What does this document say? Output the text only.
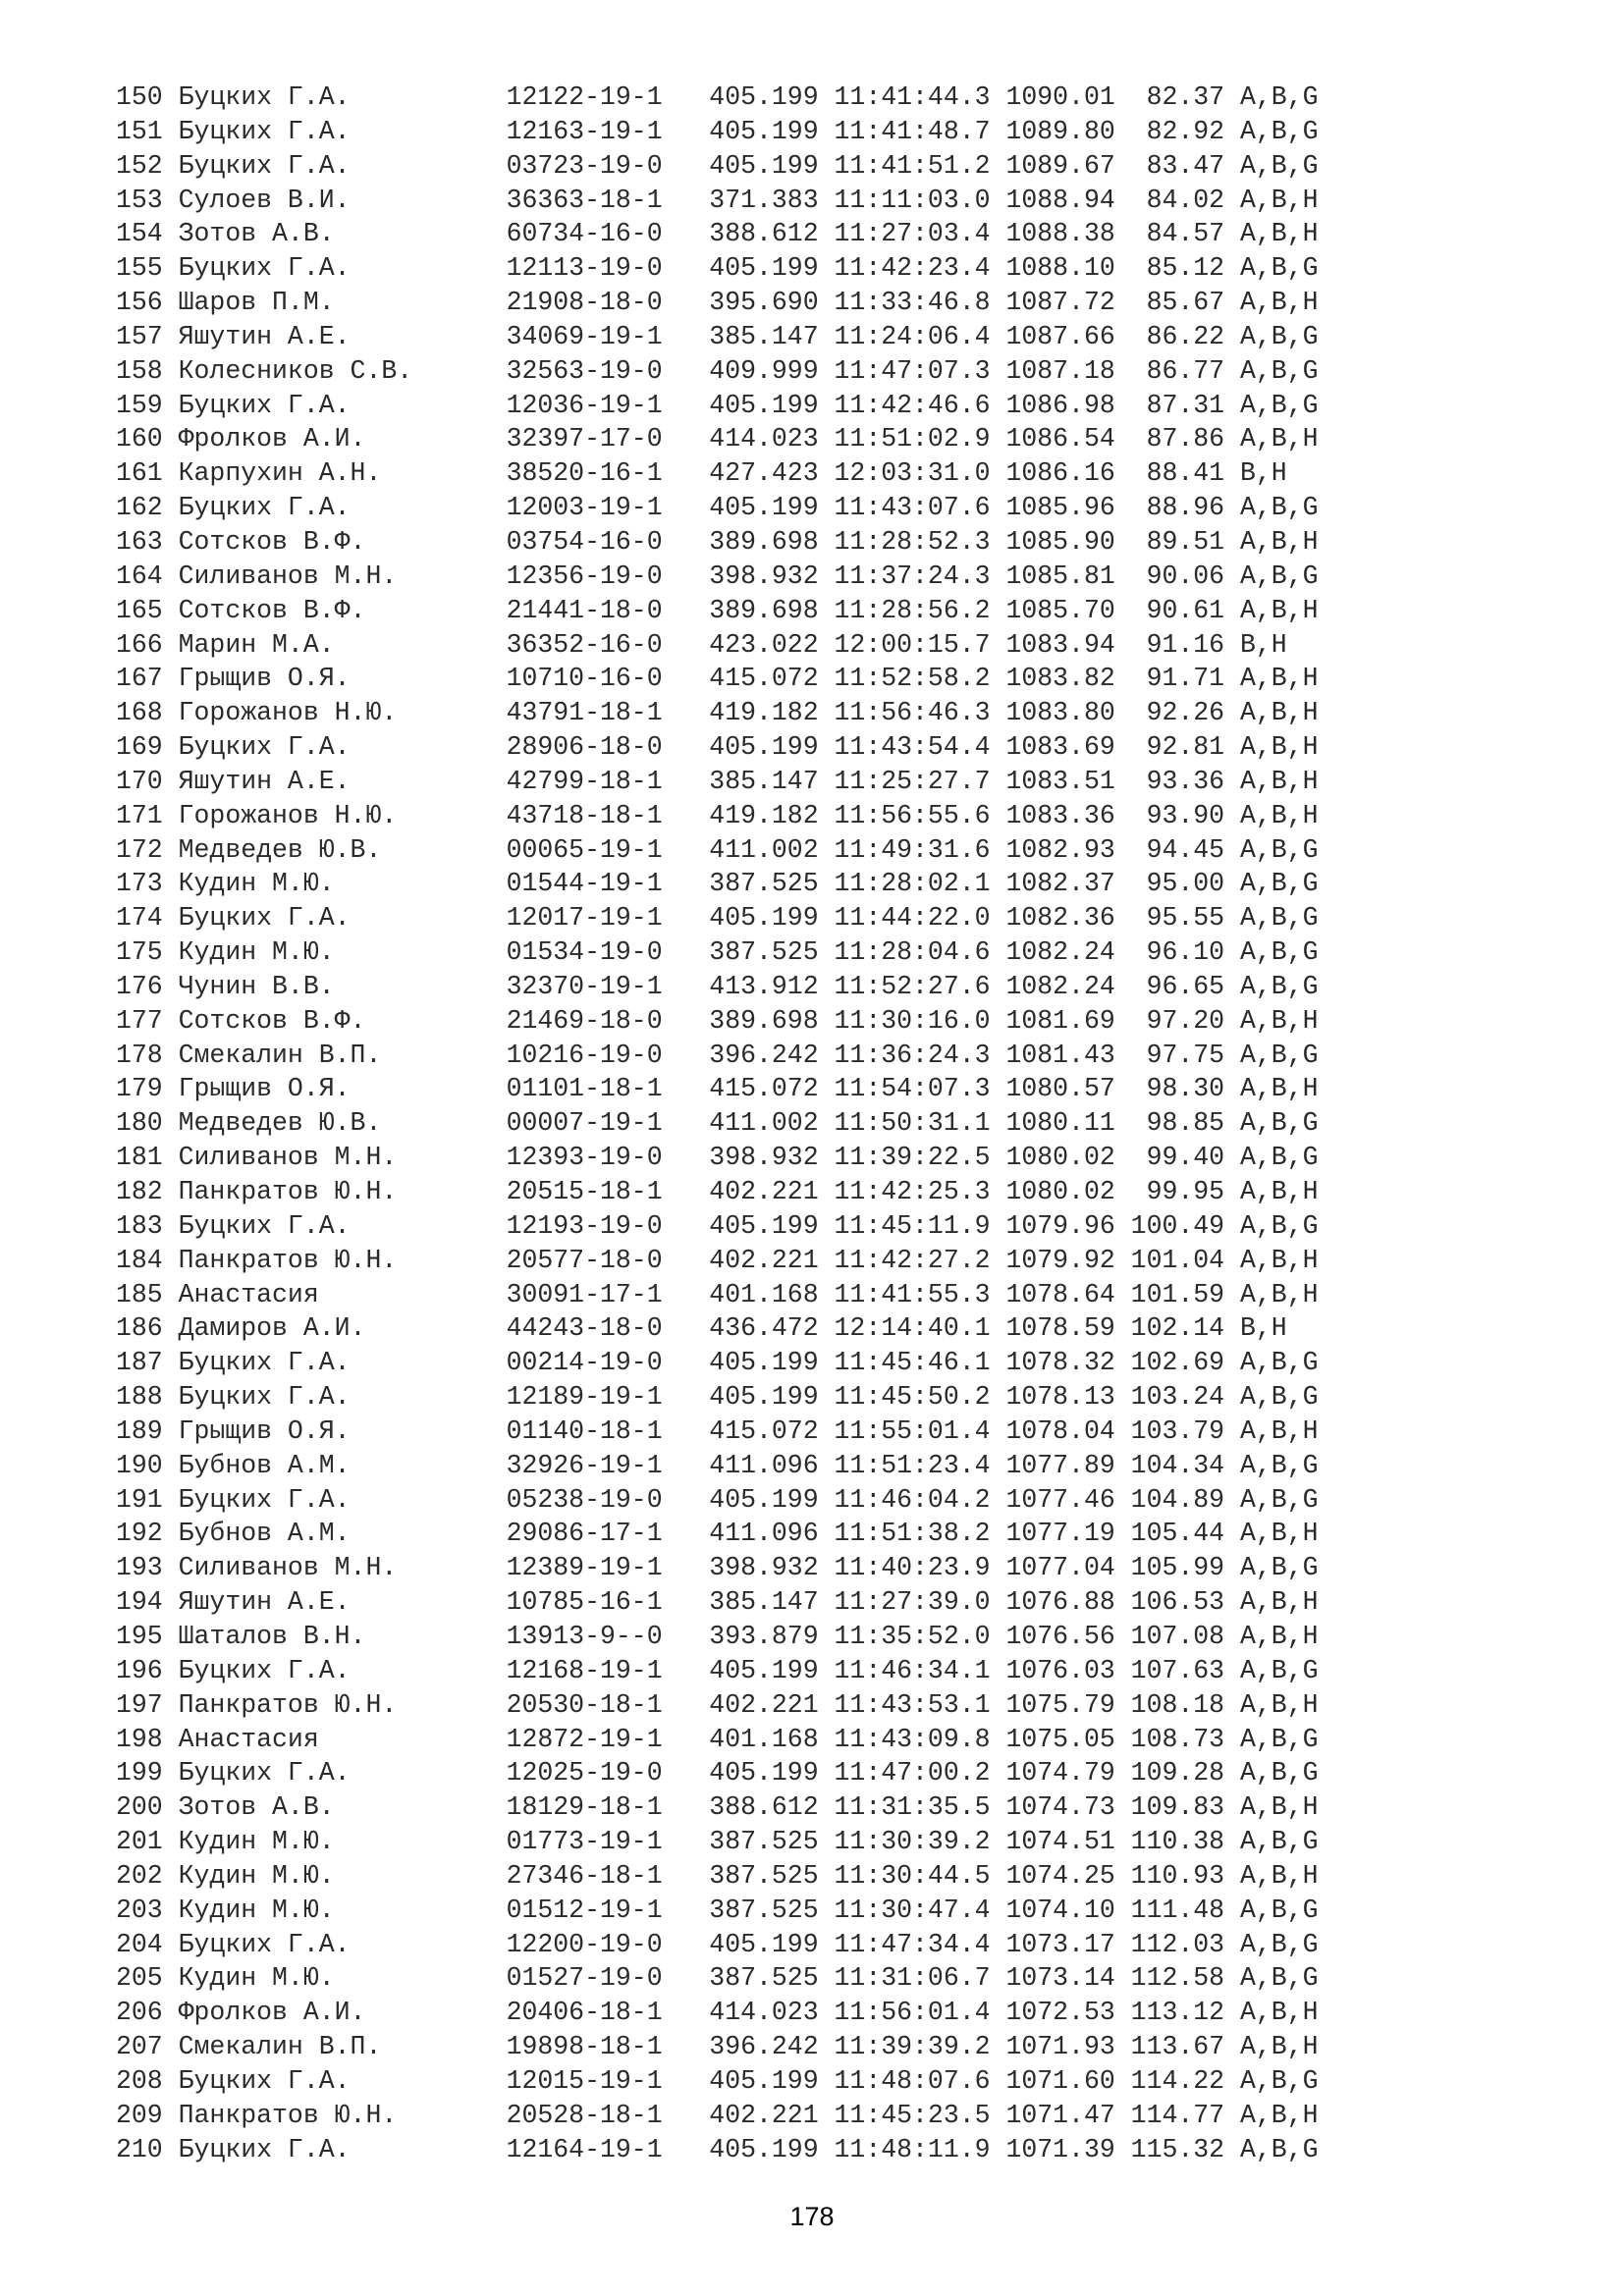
150 Буцких Г.А.          12122-19-1   405.199 11:41:44.3 1090.01  82.37 A,B,G
151 Буцких Г.А.          12163-19-1   405.199 11:41:48.7 1089.80  82.92 A,B,G
152 Буцких Г.А.          03723-19-0   405.199 11:41:51.2 1089.67  83.47 A,B,G
153 Сулоев В.И.          36363-18-1   371.383 11:11:03.0 1088.94  84.02 A,B,H
154 Зотов А.В.           60734-16-0   388.612 11:27:03.4 1088.38  84.57 A,B,H
155 Буцких Г.А.          12113-19-0   405.199 11:42:23.4 1088.10  85.12 A,B,G
156 Шаров П.М.           21908-18-0   395.690 11:33:46.8 1087.72  85.67 A,B,H
157 Яшутин А.Е.          34069-19-1   385.147 11:24:06.4 1087.66  86.22 A,B,G
158 Колесников С.В.      32563-19-0   409.999 11:47:07.3 1087.18  86.77 A,B,G
159 Буцких Г.А.          12036-19-1   405.199 11:42:46.6 1086.98  87.31 A,B,G
160 Фролков А.И.         32397-17-0   414.023 11:51:02.9 1086.54  87.86 A,B,H
161 Карпухин А.Н.        38520-16-1   427.423 12:03:31.0 1086.16  88.41 B,H
162 Буцких Г.А.          12003-19-1   405.199 11:43:07.6 1085.96  88.96 A,B,G
163 Сотсков В.Ф.         03754-16-0   389.698 11:28:52.3 1085.90  89.51 A,B,H
164 Силиванов М.Н.       12356-19-0   398.932 11:37:24.3 1085.81  90.06 A,B,G
165 Сотсков В.Ф.         21441-18-0   389.698 11:28:56.2 1085.70  90.61 A,B,H
166 Марин М.А.           36352-16-0   423.022 12:00:15.7 1083.94  91.16 B,H
167 Грыщив О.Я.          10710-16-0   415.072 11:52:58.2 1083.82  91.71 A,B,H
168 Горожанов Н.Ю.       43791-18-1   419.182 11:56:46.3 1083.80  92.26 A,B,H
169 Буцких Г.А.          28906-18-0   405.199 11:43:54.4 1083.69  92.81 A,B,H
170 Яшутин А.Е.          42799-18-1   385.147 11:25:27.7 1083.51  93.36 A,B,H
171 Горожанов Н.Ю.       43718-18-1   419.182 11:56:55.6 1083.36  93.90 A,B,H
172 Медведев Ю.В.        00065-19-1   411.002 11:49:31.6 1082.93  94.45 A,B,G
173 Кудин М.Ю.           01544-19-1   387.525 11:28:02.1 1082.37  95.00 A,B,G
174 Буцких Г.А.          12017-19-1   405.199 11:44:22.0 1082.36  95.55 A,B,G
175 Кудин М.Ю.           01534-19-0   387.525 11:28:04.6 1082.24  96.10 A,B,G
176 Чунин В.В.           32370-19-1   413.912 11:52:27.6 1082.24  96.65 A,B,G
177 Сотсков В.Ф.         21469-18-0   389.698 11:30:16.0 1081.69  97.20 A,B,H
178 Смекалин В.П.        10216-19-0   396.242 11:36:24.3 1081.43  97.75 A,B,G
179 Грыщив О.Я.          01101-18-1   415.072 11:54:07.3 1080.57  98.30 A,B,H
180 Медведев Ю.В.        00007-19-1   411.002 11:50:31.1 1080.11  98.85 A,B,G
181 Силиванов М.Н.       12393-19-0   398.932 11:39:22.5 1080.02  99.40 A,B,G
182 Панкратов Ю.Н.       20515-18-1   402.221 11:42:25.3 1080.02  99.95 A,B,H
183 Буцких Г.А.          12193-19-0   405.199 11:45:11.9 1079.96 100.49 A,B,G
184 Панкратов Ю.Н.       20577-18-0   402.221 11:42:27.2 1079.92 101.04 A,B,H
185 Анастасия            30091-17-1   401.168 11:41:55.3 1078.64 101.59 A,B,H
186 Дамиров А.И.         44243-18-0   436.472 12:14:40.1 1078.59 102.14 B,H
187 Буцких Г.А.          00214-19-0   405.199 11:45:46.1 1078.32 102.69 A,B,G
188 Буцких Г.А.          12189-19-1   405.199 11:45:50.2 1078.13 103.24 A,B,G
189 Грыщив О.Я.          01140-18-1   415.072 11:55:01.4 1078.04 103.79 A,B,H
190 Бубнов А.М.          32926-19-1   411.096 11:51:23.4 1077.89 104.34 A,B,G
191 Буцких Г.А.          05238-19-0   405.199 11:46:04.2 1077.46 104.89 A,B,G
192 Бубнов А.М.          29086-17-1   411.096 11:51:38.2 1077.19 105.44 A,B,H
193 Силиванов М.Н.       12389-19-1   398.932 11:40:23.9 1077.04 105.99 A,B,G
194 Яшутин А.Е.          10785-16-1   385.147 11:27:39.0 1076.88 106.53 A,B,H
195 Шаталов В.Н.         13913-9--0   393.879 11:35:52.0 1076.56 107.08 A,B,H
196 Буцких Г.А.          12168-19-1   405.199 11:46:34.1 1076.03 107.63 A,B,G
197 Панкратов Ю.Н.       20530-18-1   402.221 11:43:53.1 1075.79 108.18 A,B,H
198 Анастасия            12872-19-1   401.168 11:43:09.8 1075.05 108.73 A,B,G
199 Буцких Г.А.          12025-19-0   405.199 11:47:00.2 1074.79 109.28 A,B,G
200 Зотов А.В.           18129-18-1   388.612 11:31:35.5 1074.73 109.83 A,B,H
201 Кудин М.Ю.           01773-19-1   387.525 11:30:39.2 1074.51 110.38 A,B,G
202 Кудин М.Ю.           27346-18-1   387.525 11:30:44.5 1074.25 110.93 A,B,H
203 Кудин М.Ю.           01512-19-1   387.525 11:30:47.4 1074.10 111.48 A,B,G
204 Буцких Г.А.          12200-19-0   405.199 11:47:34.4 1073.17 112.03 A,B,G
205 Кудин М.Ю.           01527-19-0   387.525 11:31:06.7 1073.14 112.58 A,B,G
206 Фролков А.И.         20406-18-1   414.023 11:56:01.4 1072.53 113.12 A,B,H
207 Смекалин В.П.        19898-18-1   396.242 11:39:39.2 1071.93 113.67 A,B,H
208 Буцких Г.А.          12015-19-1   405.199 11:48:07.6 1071.60 114.22 A,B,G
209 Панкратов Ю.Н.       20528-18-1   402.221 11:45:23.5 1071.47 114.77 A,B,H
210 Буцких Г.А.          12164-19-1   405.199 11:48:11.9 1071.39 115.32 A,B,G
178
